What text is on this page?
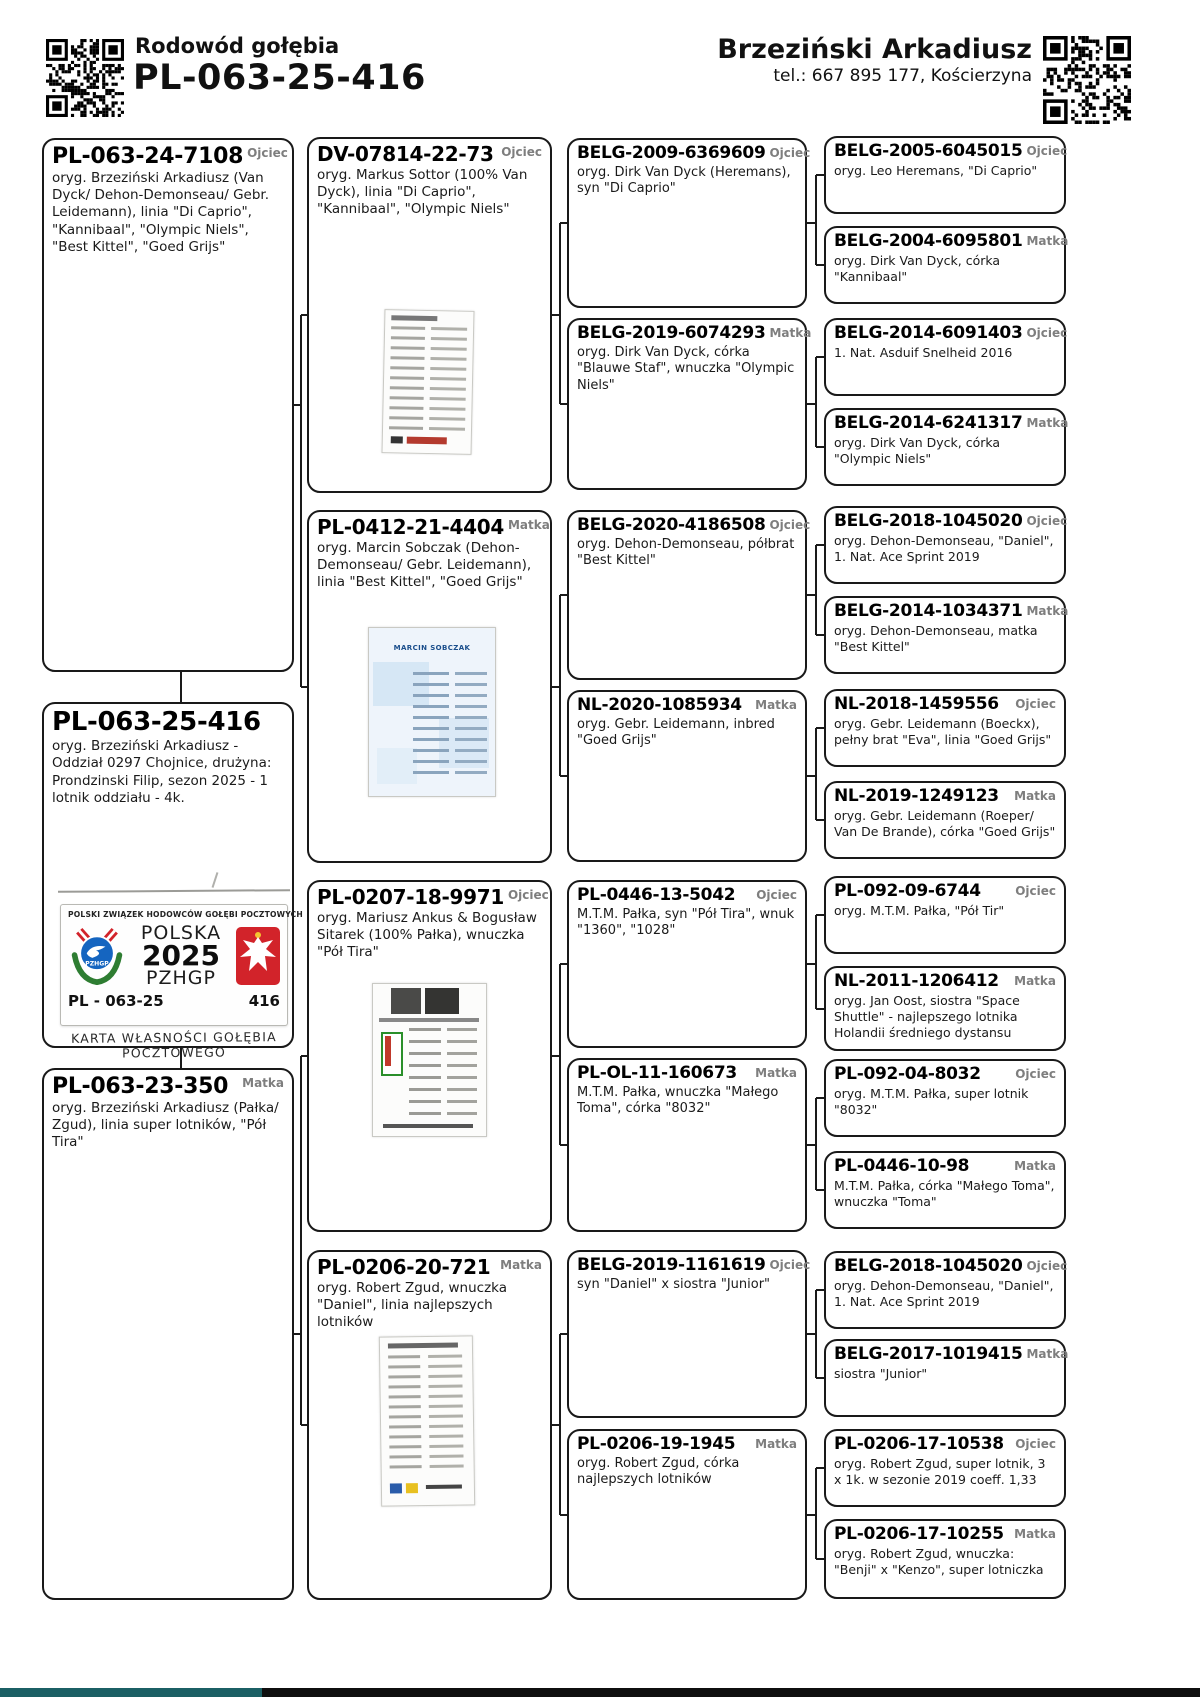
Rodowód gołębia
PL-063-25-416
Brzeziński Arkadiusz
tel.: 667 895 177, Kościerzyna
PL-063-24-7108 Ojciec
oryg. Brzeziński Arkadiusz (Van Dyck/ Dehon-Demonseau/ Gebr. Leidemann), linia "Di Caprio", "Kannibaal", "Olympic Niels", "Best Kittel", "Goed Grijs"
PL-063-25-416
oryg. Brzeziński Arkadiusz - Oddział 0297 Chojnice, drużyna: Prondzinski Filip, sezon 2025 - 1 lotnik oddziału - 4k.
PL-063-23-350 Matka
oryg. Brzeziński Arkadiusz (Pałka/ Zgud), linia super lotników, "Pół Tira"
DV-07814-22-73 Ojciec
oryg. Markus Sottor (100% Van Dyck), linia "Di Caprio", "Kannibaal", "Olympic Niels"
PL-0412-21-4404 Matka
oryg. Marcin Sobczak (Dehon-Demonseau/ Gebr. Leidemann), linia "Best Kittel", "Goed Grijs"
PL-0207-18-9971 Ojciec
oryg. Mariusz Ankus & Bogusław Sitarek (100% Pałka), wnuczka "Pół Tira"
PL-0206-20-721 Matka
oryg. Robert Zgud, wnuczka "Daniel", linia najlepszych lotników
BELG-2009-6369609 Ojciec
oryg. Dirk Van Dyck (Heremans), syn "Di Caprio"
BELG-2019-6074293 Matka
oryg. Dirk Van Dyck, córka "Blauwe Staf", wnuczka "Olympic Niels"
BELG-2020-4186508 Ojciec
oryg. Dehon-Demonseau, półbrat "Best Kittel"
NL-2020-1085934 Matka
oryg. Gebr. Leidemann, inbred "Goed Grijs"
PL-0446-13-5042 Ojciec
M.T.M. Pałka, syn "Pół Tira", wnuk "1360", "1028"
PL-OL-11-160673 Matka
M.T.M. Pałka, wnuczka "Małego Toma", córka "8032"
BELG-2019-1161619 Ojciec
syn "Daniel" x siostra "Junior"
PL-0206-19-1945 Matka
oryg. Robert Zgud, córka najlepszych lotników
BELG-2005-6045015 Ojciec
oryg. Leo Heremans, "Di Caprio"
BELG-2004-6095801 Matka
oryg. Dirk Van Dyck, córka "Kannibaal"
BELG-2014-6091403 Ojciec
1. Nat. Asduif Snelheid 2016
BELG-2014-6241317 Matka
oryg. Dirk Van Dyck, córka "Olympic Niels"
BELG-2018-1045020 Ojciec
oryg. Dehon-Demonseau, "Daniel", 1. Nat. Ace Sprint 2019
BELG-2014-1034371 Matka
oryg. Dehon-Demonseau, matka "Best Kittel"
NL-2018-1459556 Ojciec
oryg. Gebr. Leidemann (Boeckx), pełny brat "Eva", linia "Goed Grijs"
NL-2019-1249123 Matka
oryg. Gebr. Leidemann (Roeper/ Van De Brande), córka "Goed Grijs"
PL-092-09-6744	Ojciec
oryg. M.T.M. Pałka, "Pół Tir"
NL-2011-1206412 Matka
oryg. Jan Oost, siostra "Space Shuttle" - najlepszego lotnika Holandii średniego dystansu
PL-092-04-8032	Ojciec
oryg. M.T.M. Pałka, super lotnik "8032"
PL-0446-10-98	Matka
M.T.M. Pałka, córka "Małego Toma", wnuczka "Toma"
BELG-2018-1045020 Ojciec
oryg. Dehon-Demonseau, "Daniel", 1. Nat. Ace Sprint 2019
BELG-2017-1019415 Matka
siostra "Junior"
PL-0206-17-10538 Ojciec
oryg. Robert Zgud, super lotnik, 3 x 1k. w sezonie 2019 coeff. 1,33
PL-0206-17-10255 Matka
oryg. Robert Zgud, wnuczka: "Benji" x "Kenzo", super lotniczka
POLSKI ZWIĄZEK HODOWCÓW GOŁĘBI POCZTOWYCH
PZHGP
POLSKA
2025
PZHGP
PL - 063-25	416
KARTA WŁASNOŚCI GOŁĘBIA POCZTOWEGO
MARCIN SOBCZAK
